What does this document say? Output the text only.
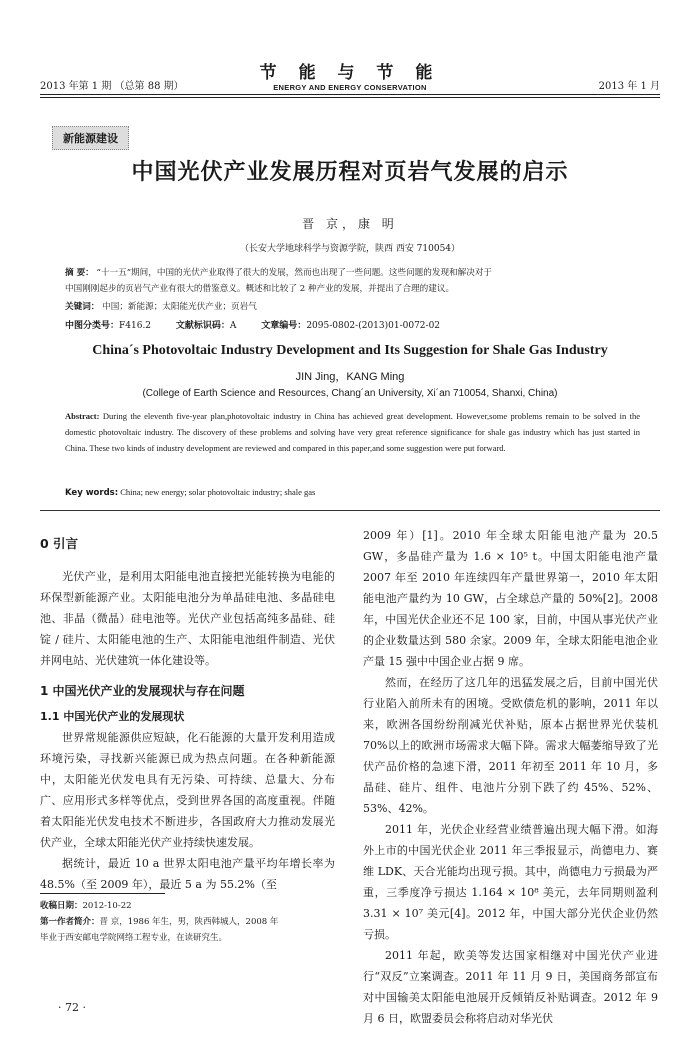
2013 年第 1 期 （总第 88 期）
节 能 与 节 能
ENERGY AND ENERGY CONSERVATION	2013 年 1 月
新能源建设
中国光伏产业发展历程对页岩气发展的启示
晋 京，康 明
（长安大学地球科学与资源学院，陕西 西安 710054）
摘 要： “十一五”期间，中国的光伏产业取得了很大的发展，然而也出现了一些问题。这些问题的发现和解决对于
中国刚刚起步的页岩气产业有很大的借鉴意义。概述和比较了 2 种产业的发展，并提出了合理的建议。
关键词： 中国；新能源；太阳能光伏产业；页岩气
中图分类号：F416.2	文献标识码：A	文章编号：2095-0802-(2013)01-0072-02
China´s Photovoltaic Industry Development and Its Suggestion for Shale Gas Industry
JIN Jing，KANG Ming
(College of Earth Science and Resources, Chang´an University, Xi´an 710054, Shanxi, China)
Abstract: During the eleventh five-year plan,photovoltaic industry in China has achieved great development. However,some problems remain to be solved in the domestic photovoltaic industry. The discovery of these problems and solving have very great reference significance for shale gas industry which has just started in China. These two kinds of industry development are reviewed and compared in this paper,and some suggestion were put forward.
Key words: China; new energy; solar photovoltaic industry; shale gas
0 引言

光伏产业，是利用太阳能电池直接把光能转换为电能的环保型新能源产业。太阳能电池分为单晶硅电池、多晶硅电池、非晶（微晶）硅电池等。光伏产业包括高纯多晶硅、硅锭 / 硅片、太阳能电池的生产、太阳能电池组件制造、光伏并网电站、光伏建筑一体化建设等。

1 中国光伏产业的发展现状与存在问题
1.1 中国光伏产业的发展现状

世界常规能源供应短缺，化石能源的大量开发利用造成环境污染，寻找新兴能源已成为热点问题。在各种新能源中，太阳能光伏发电具有无污染、可持续、总量大、分布广、应用形式多样等优点，受到世界各国的高度重视。伴随着太阳能光伏发电技术不断进步，各国政府大力推动发展光伏产业，全球太阳能光伏产业持续快速发展。

据统计，最近 10 a 世界太阳电池产量平均年增长率为 48.5%（至 2009 年），最近 5 a 为 55.2%（至

2009 年）[1]。2010 年全球太阳能电池产量为 20.5 GW，多晶硅产量为 1.6 × 10⁵ t。中国太阳能电池产量 2007 年至 2010 年连续四年产量世界第一，2010 年太阳能电池产量约为 10 GW，占全球总产量的 50%[2]。2008 年，中国光伏企业还不足 100 家，目前，中国从事光伏产业的企业数量达到 580 余家。2009 年，全球太阳能电池企业产量 15 强中中国企业占据 9 席。

然而，在经历了这几年的迅猛发展之后，目前中国光伏行业陷入前所未有的困境。受欧债危机的影响，2011 年以来，欧洲各国纷纷削减光伏补贴，原本占据世界光伏装机 70%以上的欧洲市场需求大幅下降。需求大幅萎缩导致了光伏产品价格的急速下滑，2011 年初至 2011 年 10 月，多晶硅、硅片、组件、电池片分别下跌了约 45%、52%、53%、42%。

2011 年，光伏企业经营业绩普遍出现大幅下滑。如海外上市的中国光伏企业 2011 年三季报显示，尚德电力、赛维 LDK、天合光能均出现亏损。其中，尚德电力亏损最为严重，三季度净亏损达 1.164 × 10⁸ 美元，去年同期则盈利 3.31 × 10⁷ 美元[4]。2012 年，中国大部分光伏企业仍然亏损。

2011 年起，欧美等发达国家相继对中国光伏产业进行“双反”立案调查。2011 年 11 月 9 日，美国商务部宣布对中国输美太阳能电池展开反倾销反补贴调查。2012 年 9 月 6 日，欧盟委员会称将启动对华光伏

收稿日期：2012-10-22
第一作者简介：晋 京，1986 年生，男，陕西韩城人，2008 年
毕业于西安邮电学院网络工程专业，在读研究生。
· 72 ·
